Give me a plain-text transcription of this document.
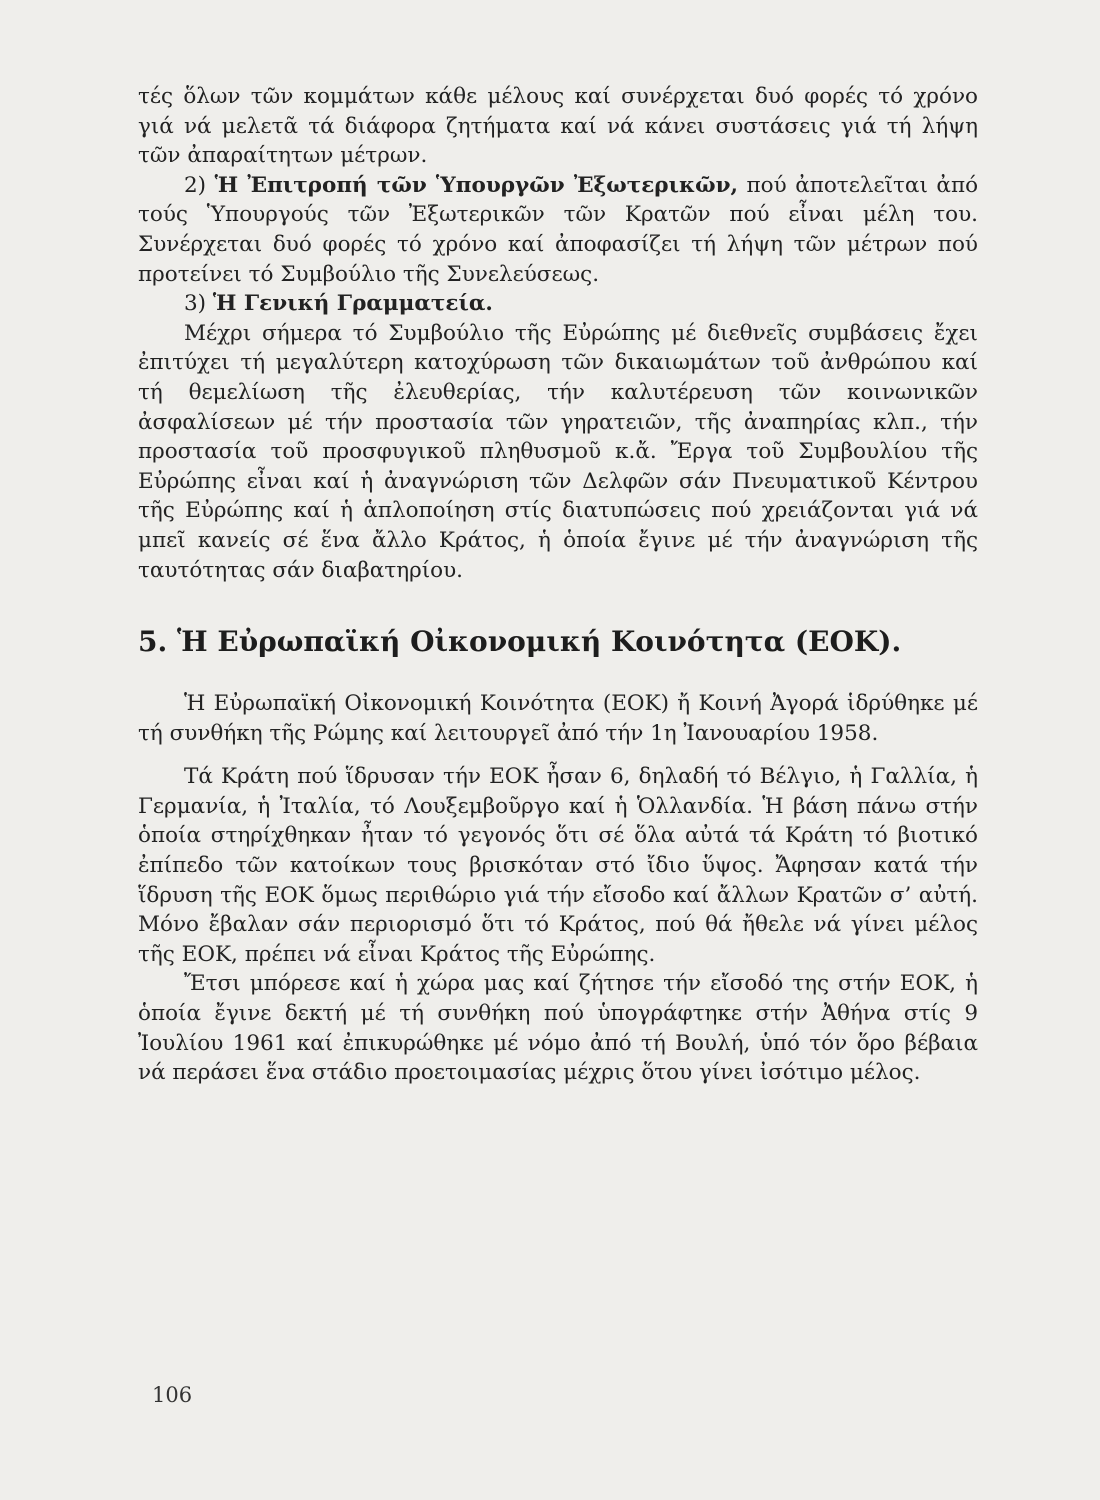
τές ὅλων τῶν κομμάτων κάθε μέλους καί συνέρχεται δυό φορές τό χρόνο γιά νά μελετᾶ τά διάφορα ζητήματα καί νά κάνει συστάσεις γιά τή λήψη τῶν ἀπαραίτητων μέτρων.

2) Ἡ Ἐπιτροπή τῶν Ὑπουργῶν Ἐξωτερικῶν, πού ἀποτελεῖται ἀπό τούς Ὑπουργούς τῶν Ἐξωτερικῶν τῶν Κρατῶν πού εἶναι μέλη του. Συνέρχεται δυό φορές τό χρόνο καί ἀποφασίζει τή λήψη τῶν μέτρων πού προτείνει τό Συμβούλιο τῆς Συνελεύσεως.

3) Ἡ Γενική Γραμματεία.

Μέχρι σήμερα τό Συμβούλιο τῆς Εὐρώπης μέ διεθνεῖς συμβάσεις ἔχει ἐπιτύχει τή μεγαλύτερη κατοχύρωση τῶν δικαιωμάτων τοῦ ἀνθρώπου καί τή θεμελίωση τῆς ἐλευθερίας, τήν καλυτέρευση τῶν κοινωνικῶν ἀσφαλίσεων μέ τήν προστασία τῶν γηρατειῶν, τῆς ἀναπηρίας κλπ., τήν προστασία τοῦ προσφυγικοῦ πληθυσμοῦ κ.ἄ. Ἔργα τοῦ Συμβουλίου τῆς Εὐρώπης εἶναι καί ἡ ἀναγνώριση τῶν Δελφῶν σάν Πνευματικοῦ Κέντρου τῆς Εὐρώπης καί ἡ ἁπλοποίηση στίς διατυπώσεις πού χρειάζονται γιά νά μπεῖ κανείς σέ ἕνα ἄλλο Κράτος, ἡ ὁποία ἔγινε μέ τήν ἀναγνώριση τῆς ταυτότητας σάν διαβατηρίου.

5. Ἡ Εὐρωπαϊκή Οἰκονομική Κοινότητα (ΕΟΚ).

Ἡ Εὐρωπαϊκή Οἰκονομική Κοινότητα (ΕΟΚ) ἤ Κοινή Ἀγορά ἱδρύθηκε μέ τή συνθήκη τῆς Ρώμης καί λειτουργεῖ ἀπό τήν 1η Ἰανουαρίου 1958.

Τά Κράτη πού ἵδρυσαν τήν ΕΟΚ ἦσαν 6, δηλαδή τό Βέλγιο, ἡ Γαλλία, ἡ Γερμανία, ἡ Ἰταλία, τό Λουξεμβοῦργο καί ἡ Ὁλλανδία. Ἡ βάση πάνω στήν ὁποία στηρίχθηκαν ἦταν τό γεγονός ὅτι σέ ὅλα αὐτά τά Κράτη τό βιοτικό ἐπίπεδο τῶν κατοίκων τους βρισκόταν στό ἴδιο ὕψος. Ἄφησαν κατά τήν ἵδρυση τῆς ΕΟΚ ὅμως περιθώριο γιά τήν εἴσοδο καί ἄλλων Κρατῶν σ’ αὐτή. Μόνο ἔβαλαν σάν περιορισμό ὅτι τό Κράτος, πού θά ἤθελε νά γίνει μέλος τῆς ΕΟΚ, πρέπει νά εἶναι Κράτος τῆς Εὐρώπης.

Ἔτσι μπόρεσε καί ἡ χώρα μας καί ζήτησε τήν εἴσοδό της στήν ΕΟΚ, ἡ ὁποία ἔγινε δεκτή μέ τή συνθήκη πού ὑπογράφτηκε στήν Ἀθήνα στίς 9 Ἰουλίου 1961 καί ἐπικυρώθηκε μέ νόμο ἀπό τή Βουλή, ὑπό τόν ὅρο βέβαια νά περάσει ἕνα στάδιο προετοιμασίας μέχρις ὅτου γίνει ἰσότιμο μέλος.

106
